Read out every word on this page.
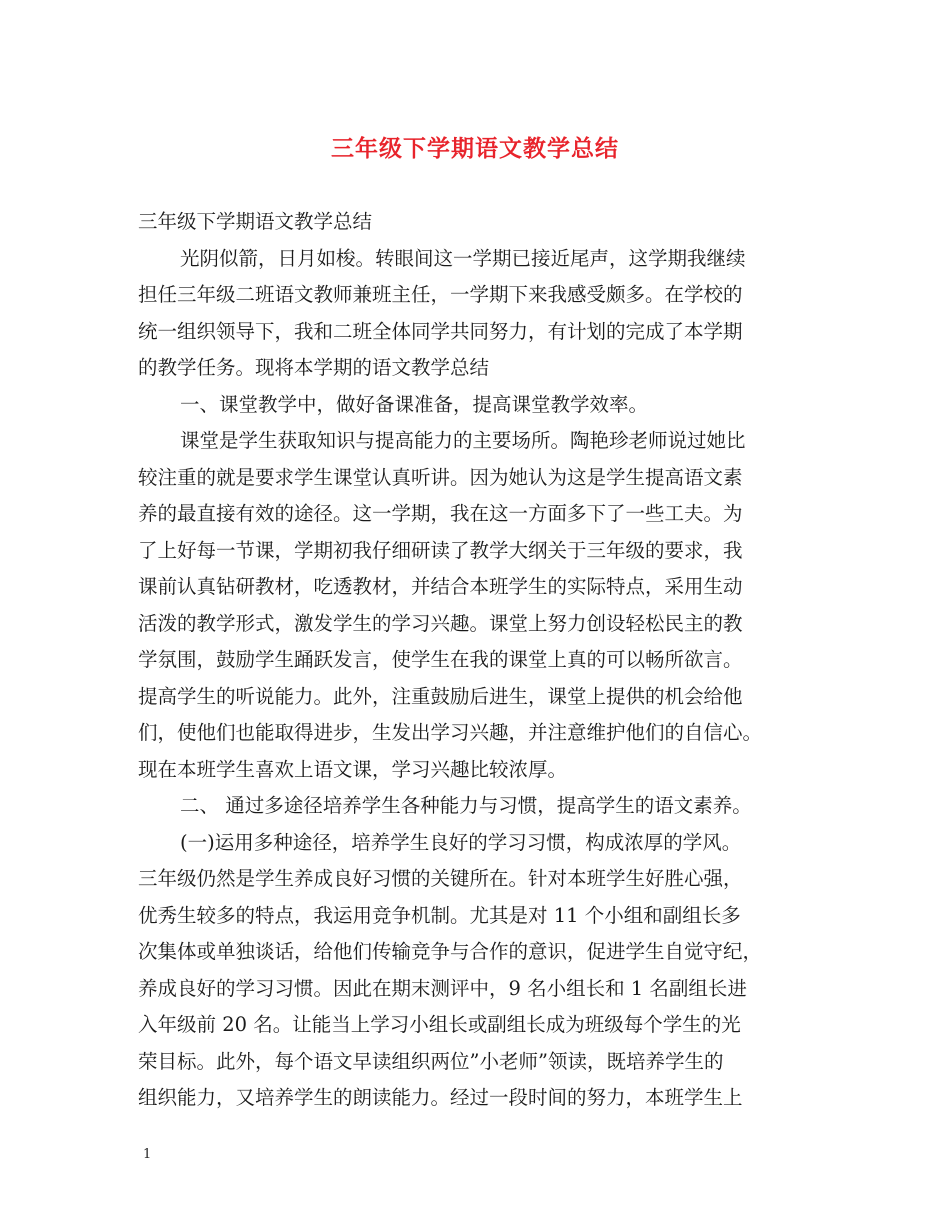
三年级下学期语文教学总结
三年级下学期语文教学总结
光阴似箭，日月如梭。转眼间这一学期已接近尾声，这学期我继续
担任三年级二班语文教师兼班主任，一学期下来我感受颇多。在学校的
统一组织领导下，我和二班全体同学共同努力，有计划的完成了本学期
的教学任务。现将本学期的语文教学总结
一、课堂教学中，做好备课准备，提高课堂教学效率。
课堂是学生获取知识与提高能力的主要场所。陶艳珍老师说过她比
较注重的就是要求学生课堂认真听讲。因为她认为这是学生提高语文素
养的最直接有效的途径。这一学期，我在这一方面多下了一些工夫。为
了上好每一节课，学期初我仔细研读了教学大纲关于三年级的要求，我
课前认真钻研教材，吃透教材，并结合本班学生的实际特点，采用生动
活泼的教学形式，激发学生的学习兴趣。课堂上努力创设轻松民主的教
学氛围，鼓励学生踊跃发言，使学生在我的课堂上真的可以畅所欲言。
提高学生的听说能力。此外，注重鼓励后进生，课堂上提供的机会给他
们，使他们也能取得进步，生发出学习兴趣，并注意维护他们的自信心。
现在本班学生喜欢上语文课，学习兴趣比较浓厚。
二、 通过多途径培养学生各种能力与习惯，提高学生的语文素养。
(一)运用多种途径，培养学生良好的学习习惯，构成浓厚的学风。
三年级仍然是学生养成良好习惯的关键所在。针对本班学生好胜心强，
优秀生较多的特点，我运用竞争机制。尤其是对 11 个小组和副组长多
次集体或单独谈话，给他们传输竞争与合作的意识，促进学生自觉守纪，
养成良好的学习习惯。因此在期末测评中，9 名小组长和 1 名副组长进
入年级前 20 名。让能当上学习小组长或副组长成为班级每个学生的光
荣目标。此外，每个语文早读组织两位”小老师”领读，既培养学生的
组织能力，又培养学生的朗读能力。经过一段时间的努力，本班学生上
1
